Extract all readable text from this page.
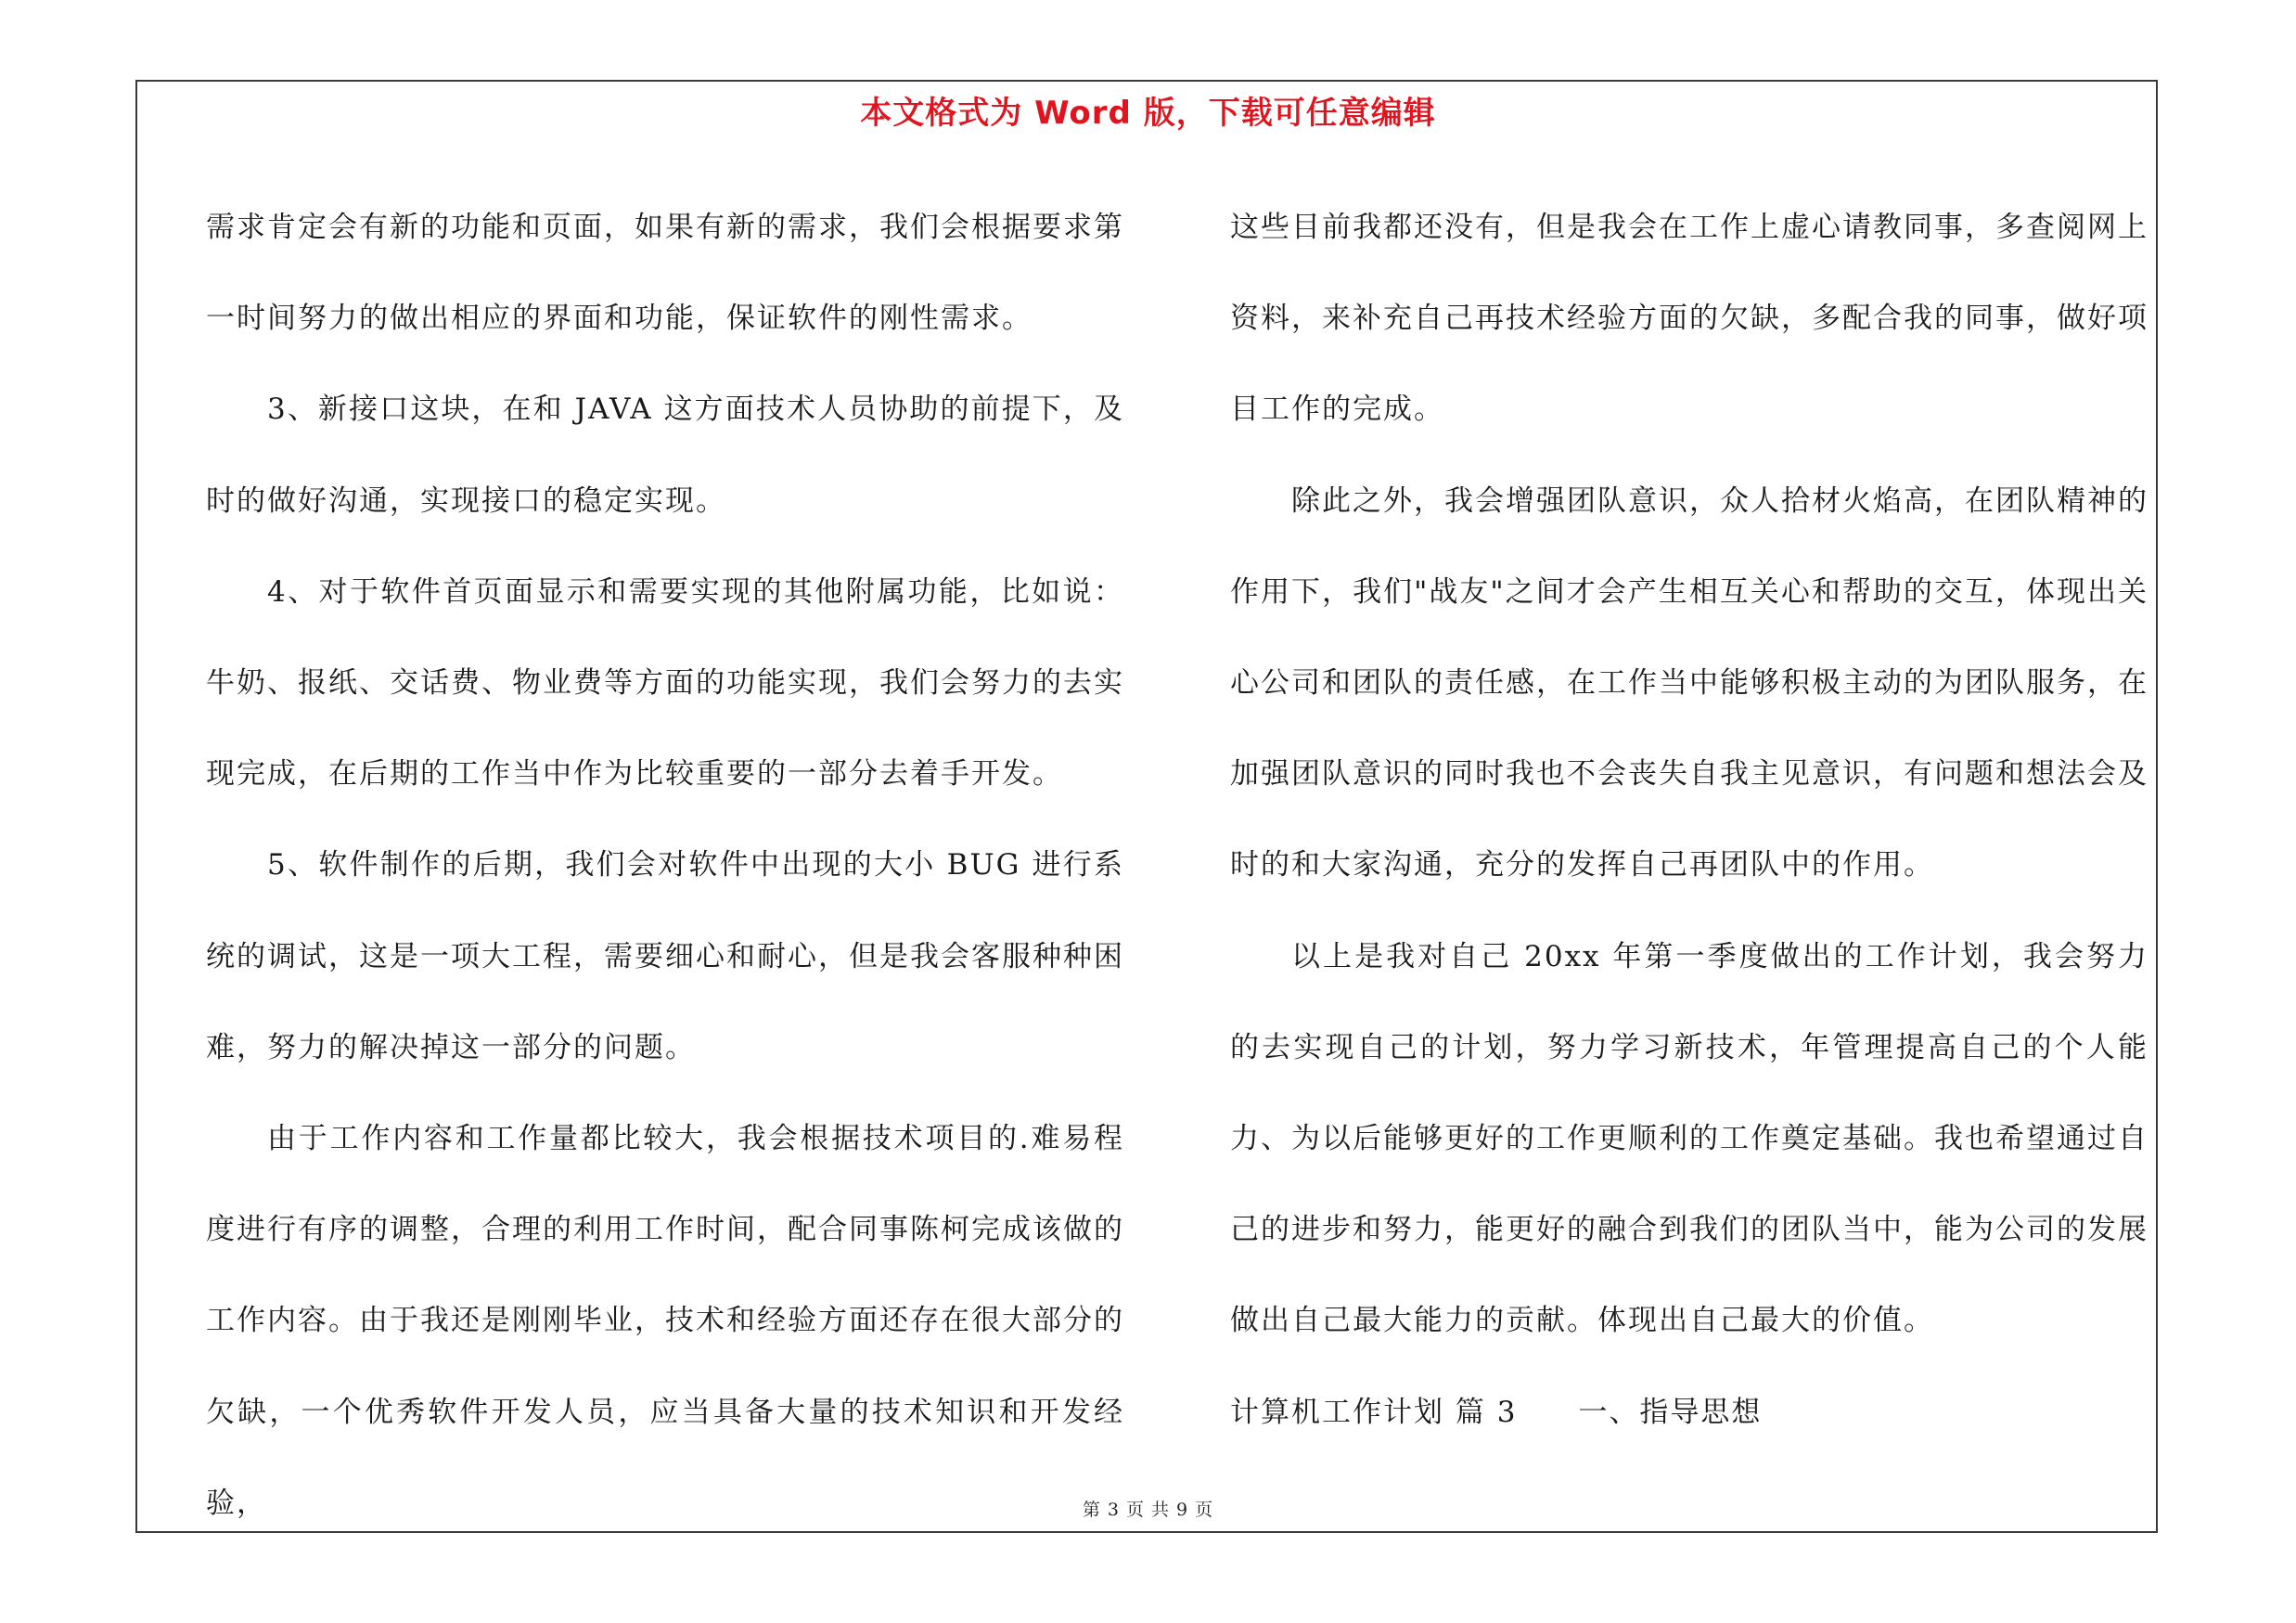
本文格式为 Word 版，下载可任意编辑

需求肯定会有新的功能和页面，如果有新的需求，我们会根据要求第一时间努力的做出相应的界面和功能，保证软件的刚性需求。

3、新接口这块，在和 JAVA 这方面技术人员协助的前提下，及时的做好沟通，实现接口的稳定实现。

4、对于软件首页面显示和需要实现的其他附属功能，比如说：牛奶、报纸、交话费、物业费等方面的功能实现，我们会努力的去实现完成，在后期的工作当中作为比较重要的一部分去着手开发。

5、软件制作的后期，我们会对软件中出现的大小 BUG 进行系统的调试，这是一项大工程，需要细心和耐心，但是我会客服种种困难，努力的解决掉这一部分的问题。

由于工作内容和工作量都比较大，我会根据技术项目的.难易程度进行有序的调整，合理的利用工作时间，配合同事陈柯完成该做的工作内容。由于我还是刚刚毕业，技术和经验方面还存在很大部分的欠缺，一个优秀软件开发人员，应当具备大量的技术知识和开发经验，

这些目前我都还没有，但是我会在工作上虚心请教同事，多查阅网上资料，来补充自己再技术经验方面的欠缺，多配合我的同事，做好项目工作的完成。

除此之外，我会增强团队意识，众人拾材火焰高，在团队精神的作用下，我们"战友"之间才会产生相互关心和帮助的交互，体现出关心公司和团队的责任感，在工作当中能够积极主动的为团队服务，在加强团队意识的同时我也不会丧失自我主见意识，有问题和想法会及时的和大家沟通，充分的发挥自己再团队中的作用。

以上是我对自己 20xx 年第一季度做出的工作计划，我会努力的去实现自己的计划，努力学习新技术，年管理提高自己的个人能力、为以后能够更好的工作更顺利的工作奠定基础。我也希望通过自己的进步和努力，能更好的融合到我们的团队当中，能为公司的发展做出自己最大能力的贡献。体现出自己最大的价值。

计算机工作计划 篇 3 一、指导思想

第 3 页 共 9 页
